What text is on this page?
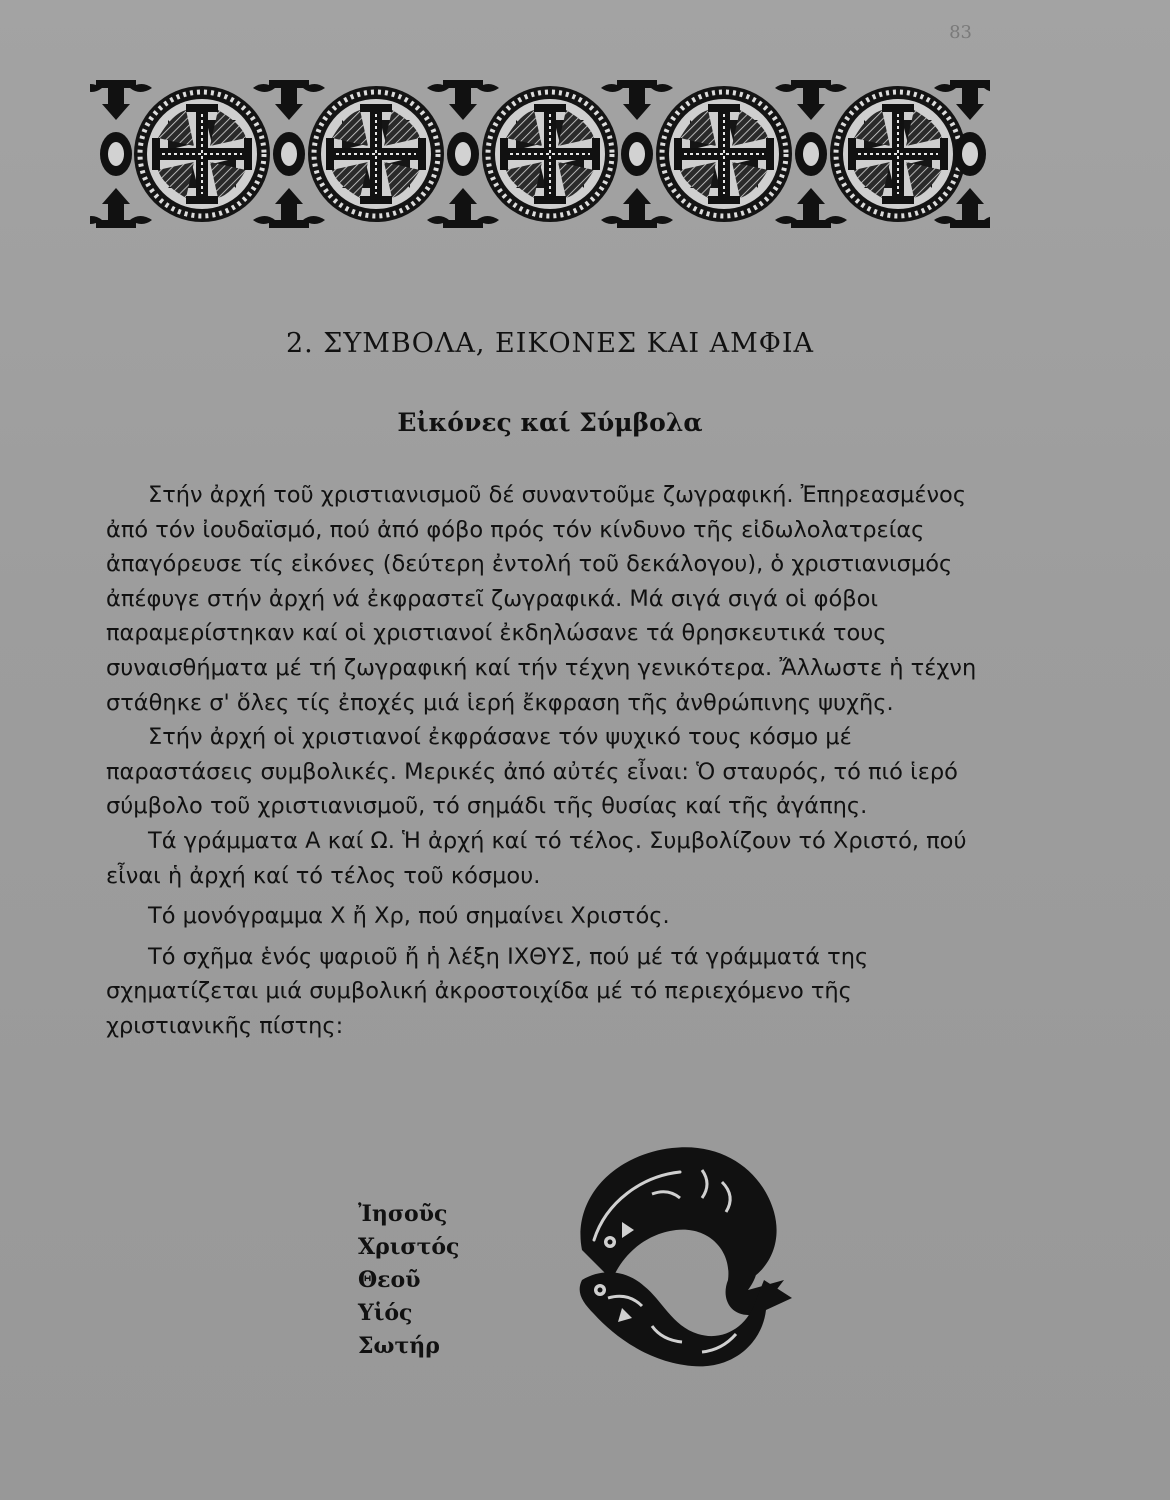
83
2. ΣΥΜΒΟΛΑ, ΕΙΚΟΝΕΣ ΚΑΙ ΑΜΦΙΑ
Εἰκόνες καί Σύμβολα

Στήν ἀρχή τοῦ χριστιανισμοῦ δέ συναντοῦμε ζωγραφική. Ἐπηρεασμένος ἀπό τόν ἰουδαϊσμό, πού ἀπό φόβο πρός τόν κίνδυνο τῆς εἰδωλολατρείας ἀπαγόρευσε τίς εἰκόνες (δεύτερη ἐντολή τοῦ δεκάλογου), ὁ χριστιανισμός ἀπέφυγε στήν ἀρχή νά ἐκφραστεῖ ζωγραφικά. Μά σιγά σιγά οἱ φόβοι παραμερίστηκαν καί οἱ χριστιανοί ἐκδηλώσανε τά θρησκευτικά τους συναισθήματα μέ τή ζωγραφική καί τήν τέχνη γενικότερα. Ἄλλωστε ἡ τέχνη στάθηκε σ' ὅλες τίς ἐποχές μιά ἱερή ἔκφραση τῆς ἀνθρώπινης ψυχῆς.

Στήν ἀρχή οἱ χριστιανοί ἐκφράσανε τόν ψυχικό τους κόσμο μέ παραστάσεις συμβολικές. Μερικές ἀπό αὐτές εἶναι: Ὁ σταυρός, τό πιό ἱερό σύμβολο τοῦ χριστιανισμοῦ, τό σημάδι τῆς θυσίας καί τῆς ἀγάπης.

Τά γράμματα Α καί Ω. Ἡ ἀρχή καί τό τέλος. Συμβολίζουν τό Χριστό, πού εἶναι ἡ ἀρχή καί τό τέλος τοῦ κόσμου.

Τό μονόγραμμα Χ ἤ Χρ, πού σημαίνει Χριστός.

Τό σχῆμα ἑνός ψαριοῦ ἤ ἡ λέξη ΙΧΘΥΣ, πού μέ τά γράμματά της σχηματίζεται μιά συμβολική ἀκροστοιχίδα μέ τό περιεχόμενο τῆς χριστιανικῆς πίστης:

Ἰησοῦς
Χριστός
Θεοῦ
Υἱός
Σωτήρ
